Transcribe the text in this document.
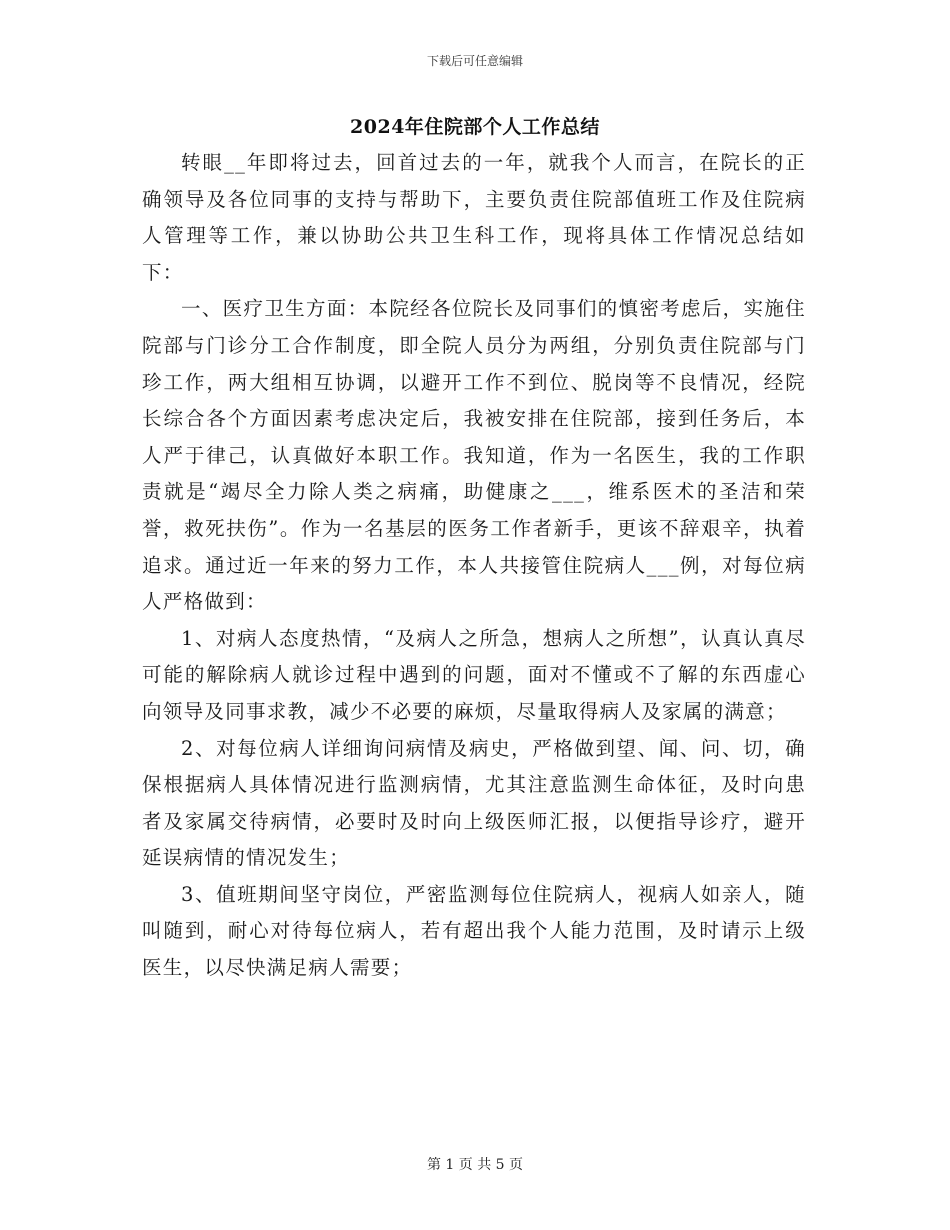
下载后可任意编辑
2024年住院部个人工作总结

转眼__年即将过去，回首过去的一年，就我个人而言，在院长的正确领导及各位同事的支持与帮助下，主要负责住院部值班工作及住院病人管理等工作，兼以协助公共卫生科工作，现将具体工作情况总结如下：

一、医疗卫生方面：本院经各位院长及同事们的慎密考虑后，实施住院部与门诊分工合作制度，即全院人员分为两组，分别负责住院部与门珍工作，两大组相互协调，以避开工作不到位、脱岗等不良情况，经院长综合各个方面因素考虑决定后，我被安排在住院部，接到任务后，本人严于律己，认真做好本职工作。我知道，作为一名医生，我的工作职责就是“竭尽全力除人类之病痛，助健康之___，维系医术的圣洁和荣誉，救死扶伤”。作为一名基层的医务工作者新手，更该不辞艰辛，执着追求。通过近一年来的努力工作，本人共接管住院病人___例，对每位病人严格做到：

1、对病人态度热情，“及病人之所急，想病人之所想”，认真认真尽可能的解除病人就诊过程中遇到的问题，面对不懂或不了解的东西虚心向领导及同事求教，减少不必要的麻烦，尽量取得病人及家属的满意；

2、对每位病人详细询问病情及病史，严格做到望、闻、问、切，确保根据病人具体情况进行监测病情，尤其注意监测生命体征，及时向患者及家属交待病情，必要时及时向上级医师汇报，以便指导诊疗，避开延误病情的情况发生；

3、值班期间坚守岗位，严密监测每位住院病人，视病人如亲人，随叫随到，耐心对待每位病人，若有超出我个人能力范围，及时请示上级医生，以尽快满足病人需要；

第 1 页 共 5 页
